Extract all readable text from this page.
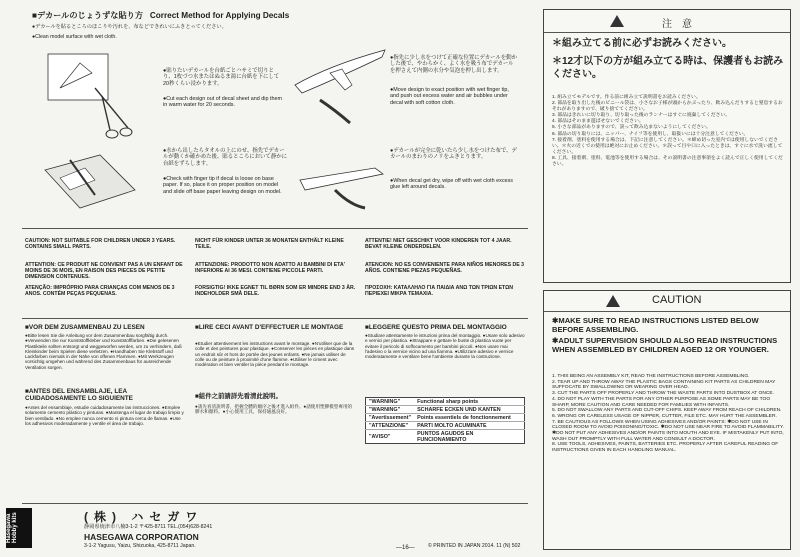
■デカールのじょうずな貼り方 Correct Method for Applying Decals
●デカールを貼るところのほこりや汚れを、布などできれいにふきとってください。
●Clean model surface with wet cloth.
●貼りたいデカールを台紙ごとハサミで切りとり、1枚づつ水またはぬるま湯に台紙を下にして20秒くらい浸かります。
●Cut each design out of decal sheet and dip them in warm water for 20 seconds.
●水から出したらタオルの上にのせ、指先でデカールが動くか確かめた後、貼るところにおいて静かに台紙をずらします。
●Check with finger tip if decal is loose on base paper. If so, place it on proper position on model and slide off base paper leaving design on model.
●指先に少し水をつけて正確な位置にデカールを動かした後で、やわらかく、よく水を吸う布でデカールを押さえて内側の水分や気泡を押し出します。
●Move design to exact position with wet finger tip, and push out excess water and air bubbles under decal with soft cotton cloth.
●デカールが完全に乾いたら少し水をつけた布で、デカールのまわりのノリをふきとります。
●When decal get dry, wipe off with wet cloth excess glue left around decals.
CAUTION: NOT SUITABLE FOR CHILDREN UNDER 3 YEARS. CONTAINS SMALL PARTS.
NICHT FÜR KINDER UNTER 36 MONATEN ENTHÄLT KLEINE TEILE.
ATTENTIE! NIET GESCHIKT VOOR KINDEREN TOT 4 JAAR. BEVAT KLEINE ONDERDELEN.
ATTENTION: CE PRODUIT NE CONVIENT PAS A UN ENFANT DE MOINS DE 36 MOIS, EN RAISON DES PIECES DE PETITE DIMENSION CONTENUES.
ATTENZIONE: PRODOTTO NON ADATTO AI BAMBINI DI ETA' INFERIORE AI 36 MESI. CONTIENE PICCOLE PARTI.
ATENCION: NO ES CONVENIENTE PARA NIÑOS MENORES DE 3 AÑOS. CONTIENE PIEZAS PEQUEÑAS.
ATENÇÃO: IMPRÓPRIO PARA CRIANÇAS COM MENOS DE 3 ANOS. CONTÉM PEÇAS PEQUENAS.
FORSIGTIG! IKKE EGNET TIL BØRN SOM ER MINDRE END 3 ÅR. INDEHOLDER SMÅ DELE.
ΠΡΟΣΟΧΗ: ΚΑΤΑΛΛΗΛΟ ΓΙΑ ΠΑΙΔΙΑ ΑΝΩ ΤΩΝ ΤΡΙΩΝ ΕΤΩΝ ΠΕΡΙΕΧΕΙ ΜΙΚΡΑ ΤΕΜΑΧΙΑ.
■VOR DEM ZUSAMMENBAU ZU LESEN
●Bitte lesen Sie die Anleitung vor dem Zusammenbau sorgfältig durch. ●Verwenden Sie nur Kunststoffkleber und Kunststofffarben. ●Die gelesenen Plastikteile sollten entsorgt und weggeworfen werden, um zu verhindern, daß Kleinkinder beim Spielen diese verletzen. ●Handhaben Sie Klebstoff und Lackfarben niemals in der Nähe von offenen Flammen. ●Mit Werkzeugen vorsichtig umgehen und während des Zusammenbaus für ausreichende Ventilation sorgen.
■ANTES DEL ENSAMBLAJE, LEA CUIDADOSAMENTE LO SIGUIENTE
●Antes del ensamblaje, estudie cuidadosamente las instrucciones. ●Emplee solamente cemento plástico y pinturas. ●Mantenga el lugar de trabajo limpio y bien ventilado. ●No emplee nunca cemento ni pintura cerca de llamas. ●Use los adhesivos moderadamente y ventile el área de trabajo.
■LIRE CECI AVANT D'EFFECTUER LE MONTAGE
●Etudier attentivement les instructions avant le montage. ●N'utiliser que de la colle et des peintures pour plastique. ●Conserver les pièces en plastique dans un endroit sûr et hors de portée des jeunes enfants. ●Ne jamais utiliser de colle ou de peinture à proximité d'une flamme. ●Utiliser le ciment avec modération et bien ventiler la pièce pendant le montage.
■組件之前請詳先看清此說明。
●請先看清說明書，把握全體的順序之後才進入組件。●請使用塑膠模型專用的膠水和顏料。●小心使用工具，保持通風良好。
■LEGGERE QUESTO PRIMA DEL MONTAGGIO
●Studiare attentamente le istruzioni prima del montaggio. ●Usare solo adesivo e vernici per plastica. ●Strappare e gettare le buste di plastica vuote per evitare il pericolo di soffocamento per bambini piccoli. ●Non usare mai l'adesivo o la vernice vicino ad una fiamma. ●Utilizzare adesivo e vernice moderatamente e ventilare bene l'ambiente durante la costruzione.
"WARNING"	Functional sharp points
"WARNING"	SCHARFE ECKEN UND KANTEN
"Avertissement"	Points essentiels de fonctionnement
"ATTENZIONE"	PARTI MOLTO ACUMINATE
"AVISO"	PUNTOS AGUDOS EN FUNCIONAMIENTO
Hasegawa Hobby kits	(株) ハセガワ
静岡県焼津市八楠3-1-2 〒425-8711 TEL.(054)628-8241
HASEGAWA CORPORATION
3-1-2 Yagusu, Yaizu, Shizuoka, 425-8711 Japan.	© PRINTED IN JAPAN 2014. 11 (N) 502
—16—
注意
＊組み立てる前に必ずお読みください。
＊12才以下の方が組み立てる時は、保護者もお読みください。
1. 組み立てモデルです。作る前に組み立て説明書をお読みください。
2. 部品を取り出した後のビニール袋は、小さなお子様が頭からかぶったり、飲み込んだりすると窒息するおそれがありますので、破り捨ててください。
3. 部品はきれいに切り取り、切り取った後のランナーはすぐに廃棄してください。
4. 部品はそのまま遊ばせないでください。
5. 小さな部品がありますので、誤って飲み込まないようにしてください。
6. 部品の切り取りには、ニッパー、ナイフ等を使用し、取扱いには十分注意してください。
7. 接着剤、塗料を使用する場合は、下記に注意してください。＊締め切った室内では使用しないでください。＊火の近くでの使用は絶対にお止めください。＊誤って目や口に入ったときは、すぐに水で洗い流してください。
8. 工具、接着剤、塗料、電池等を使用する場合は、その説明書の注意事項をよく読んで正しく使用してください。
CAUTION
✱MAKE SURE TO READ INSTRUCTIONS LISTED BELOW BEFORE ASSEMBLING.
✱ADULT SUPERVISION SHOULD ALSO READ INSTRUCTIONS WHEN ASSEMBLED BY CHILDREN AGED 12 OR YOUNGER.
1. THIS BEING AN ASSEMBLY KIT, READ THE INSTRUCTIONS BEFORE ASSEMBLING.
2. TEAR UP AND THROW AWAY THE PLASTIC BAGS CONTAINING KIT PARTS AS CHILDREN MAY SUFFOCATE BY SWALLOWING OR WEARING OVER HEAD.
3. CUT THE PARTS OFF PROPERLY AND THROW THE WASTE PARTS INTO DUSTBOX AT ONCE.
4. DO NOT PLAY WITH THE PARTS FOR ANY OTHER PURPOSE AS SOME PARTS MAY BE TOO SHARP, MORE CAUTION AND CARE NEEDED FOR FAMILIES WITH INFANTS.
5. DO NOT SWALLOW ANY PARTS AND CUT-OFF CHIPS. KEEP AWAY FROM REACH OF CHILDREN.
6. WRONG OR CARELESS USAGE OF NIPPER, CUTTER, FILE ETC. MAY HURT THE ASSEMBLER.
7. BE CAUTIOUS AS FOLLOWS WHEN USING ADHESIVES AND/OR PAINTS: ✱DO NOT USE IN CLOSED ROOM TO AVOID POISONING/TOXIC. ✱DO NOT USE NEAR FIRE TO AVOID FLAMMABILITY. ✱DO NOT PUT ANY ADHESIVES AND/OR PAINTS INTO MOUTH AND EYE. IF MISTAKENLY PUT INTO, WASH OUT PROMPTLY WITH FULL WATER AND CONSULT A DOCTOR.
8. USE TOOLS, ADHESIVES, PAINTS, BATTERIES ETC. PROPERLY AFTER CAREFUL READING OF INSTRUCTIONS GIVEN IN EACH HANDLING MANUAL.
